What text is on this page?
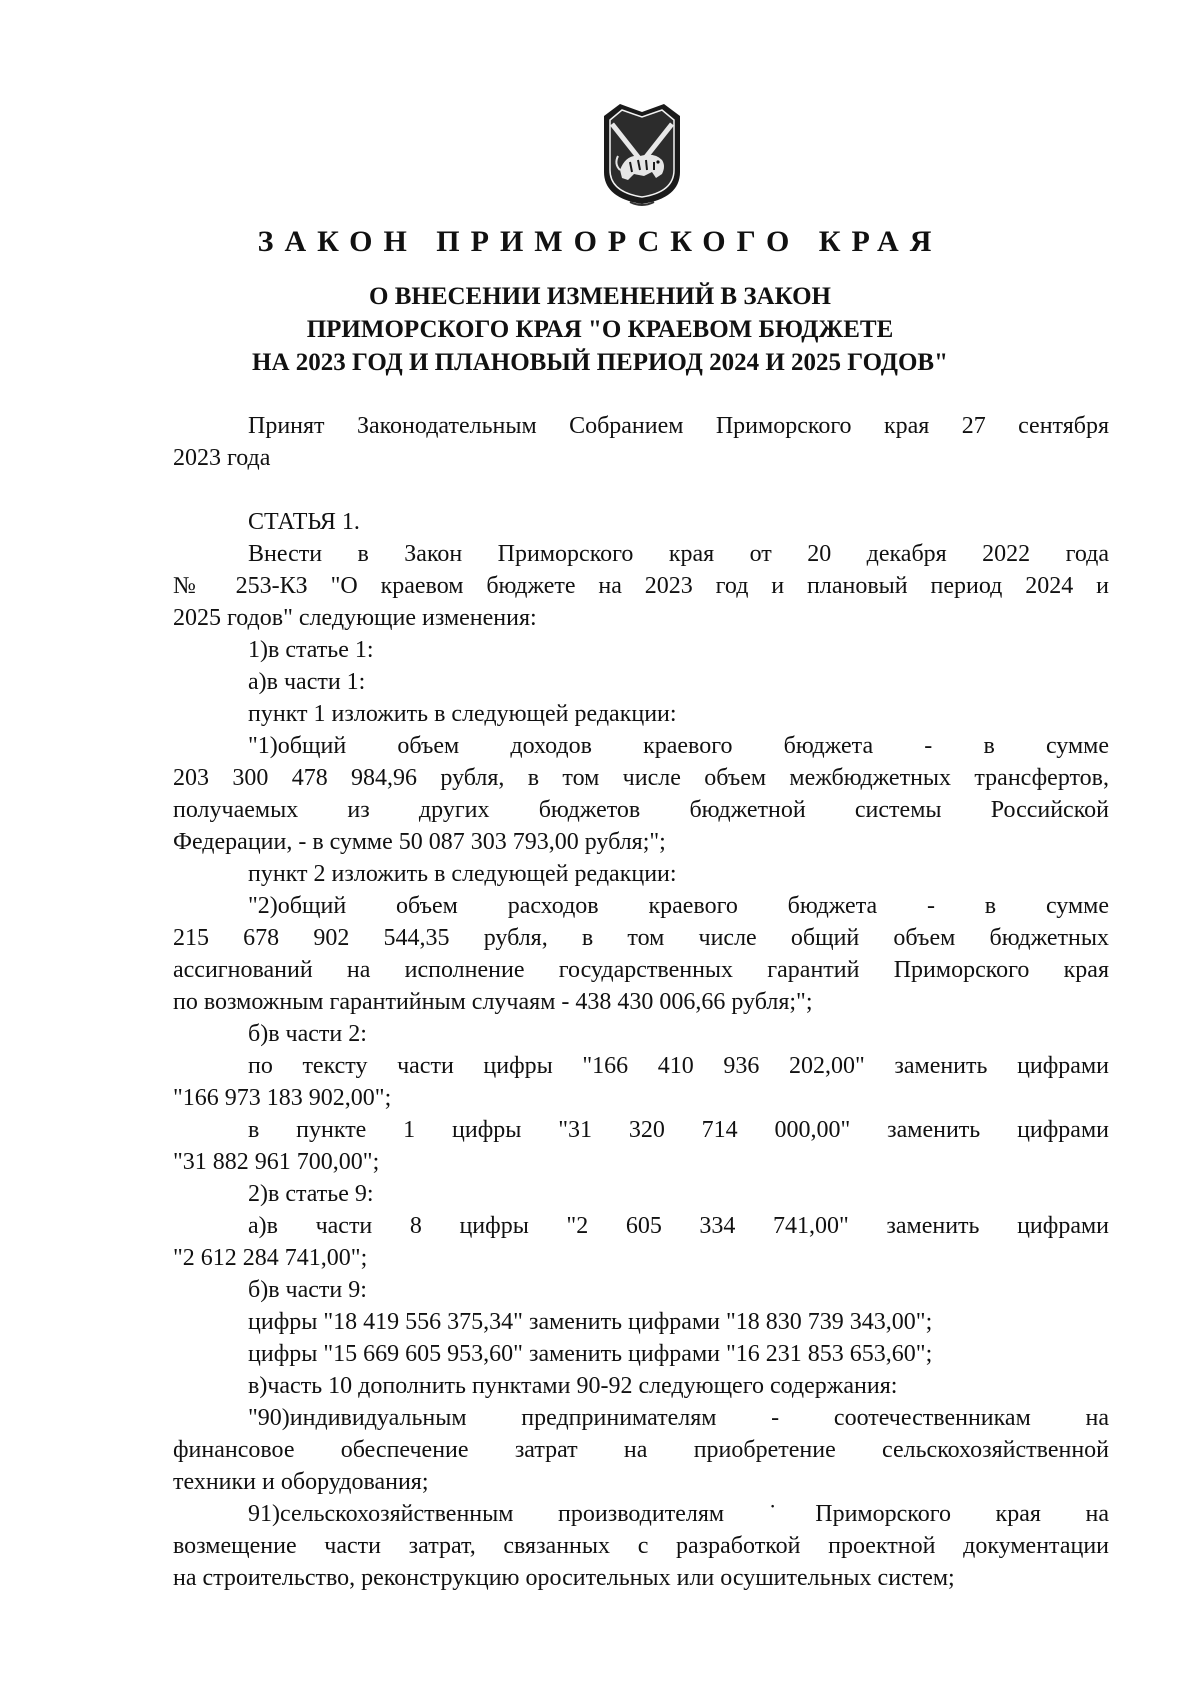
ЗАКОН ПРИМОРСКОГО КРАЯ
О ВНЕСЕНИИ ИЗМЕНЕНИЙ В ЗАКОН
ПРИМОРСКОГО КРАЯ "О КРАЕВОМ БЮДЖЕТЕ
НА 2023 ГОД И ПЛАНОВЫЙ ПЕРИОД 2024 И 2025 ГОДОВ"
Принят Законодательным Собранием Приморского края 27 сентября
2023 года
СТАТЬЯ 1.
Внести в Закон Приморского края от 20 декабря 2022 года
№ 253-КЗ "О краевом бюджете на 2023 год и плановый период 2024 и
2025 годов" следующие изменения:
1)в статье 1:
а)в части 1:
пункт 1 изложить в следующей редакции:
"1)общий объем доходов краевого бюджета - в сумме
203 300 478 984,96 рубля, в том числе объем межбюджетных трансфертов,
получаемых из других бюджетов бюджетной системы Российской
Федерации, - в сумме 50 087 303 793,00 рубля;";
пункт 2 изложить в следующей редакции:
"2)общий объем расходов краевого бюджета - в сумме
215 678 902 544,35 рубля, в том числе общий объем бюджетных
ассигнований на исполнение государственных гарантий Приморского края
по возможным гарантийным случаям - 438 430 006,66 рубля;";
б)в части 2:
по тексту части цифры "166 410 936 202,00" заменить цифрами
"166 973 183 902,00";
в пункте 1 цифры "31 320 714 000,00" заменить цифрами
"31 882 961 700,00";
2)в статье 9:
а)в части 8 цифры "2 605 334 741,00" заменить цифрами
"2 612 284 741,00";
б)в части 9:
цифры "18 419 556 375,34" заменить цифрами "18 830 739 343,00";
цифры "15 669 605 953,60" заменить цифрами "16 231 853 653,60";
в)часть 10 дополнить пунктами 90-92 следующего содержания:
"90)индивидуальным предпринимателям - соотечественникам на
финансовое обеспечение затрат на приобретение сельскохозяйственной
техники и оборудования;
91)сельскохозяйственным производителям ˙Приморского края на
возмещение части затрат, связанных с разработкой проектной документации
на строительство, реконструкцию оросительных или осушительных систем;
